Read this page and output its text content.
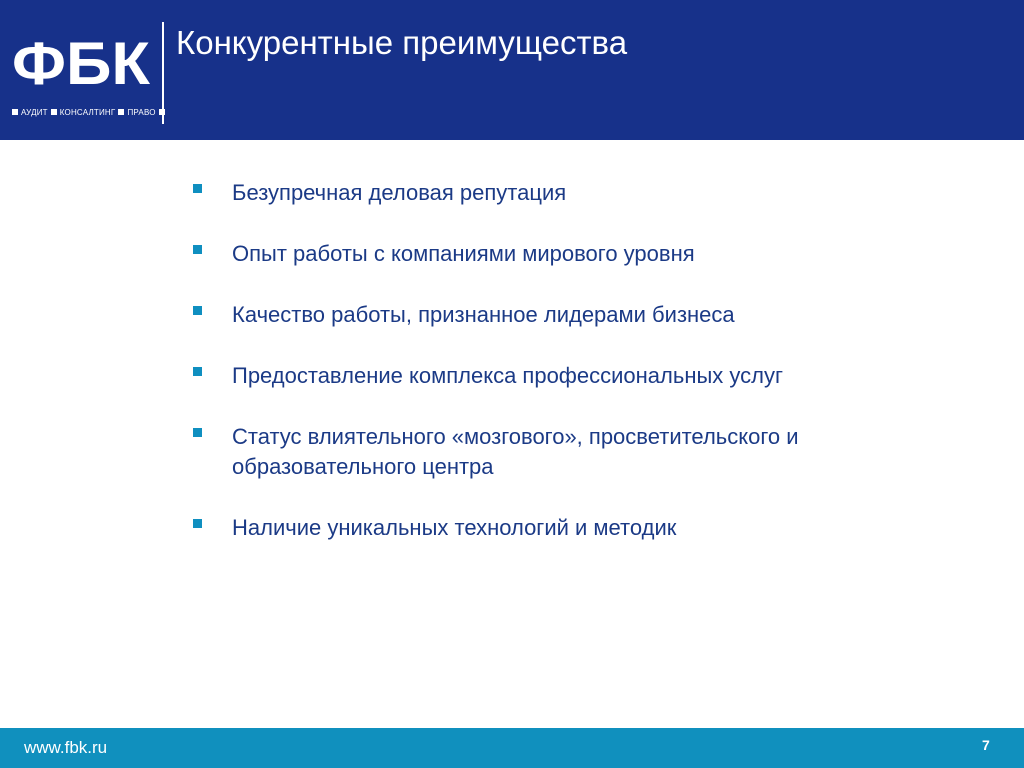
ФБК
АУДИТ КОНСАЛТИНГ ПРАВО
Конкурентные преимущества
Безупречная деловая репутация
Опыт работы с компаниями мирового уровня
Качество работы, признанное лидерами бизнеса
Предоставление комплекса профессиональных услуг
Статус влиятельного «мозгового», просветительского и образовательного центра
Наличие уникальных технологий и методик
www.fbk.ru	7
